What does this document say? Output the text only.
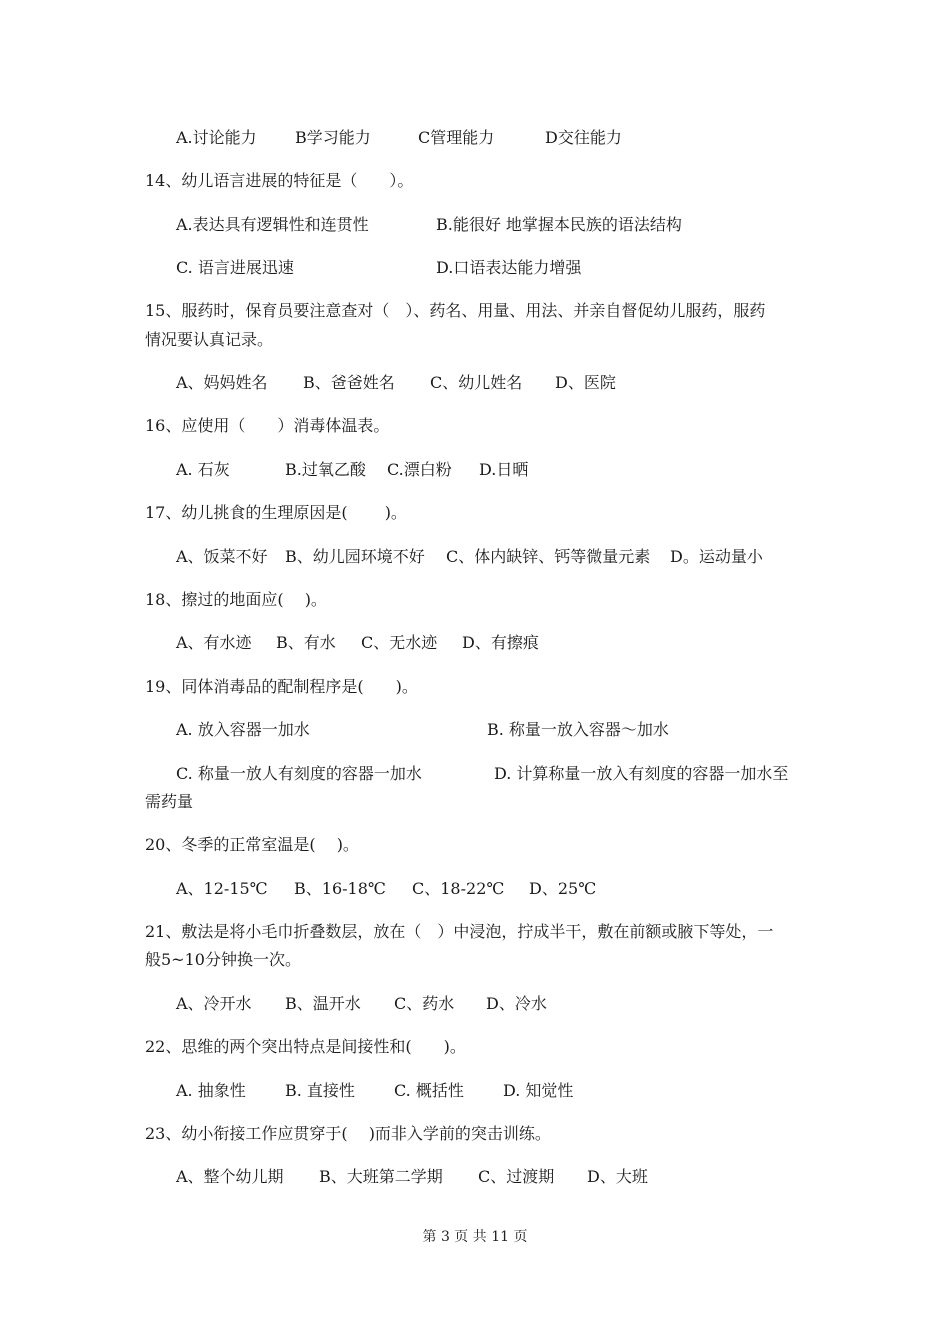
A.讨论能力 B学习能力	C管理能力	D交往能力
14、幼儿语言进展的特征是（　　）。
A.表达具有逻辑性和连贯性	B.能很好 地掌握本民族的语法结构
C. 语言进展迅速	D.口语表达能力增强
15、服药时，保育员要注意查对（　）、药名、用量、用法、并亲自督促幼儿服药，服药
情况要认真记录。
A、妈妈姓名 B、爸爸姓名 C、幼儿姓名 D、医院
16、应使用（　　）消毒体温表。
A. 石灰	B.过氧乙酸 C.漂白粉 D.日晒
17、幼儿挑食的生理原因是(　　 )。
A、饭菜不好 B、幼儿园环境不好 C、体内缺锌、钙等微量元素 D。运动量小
18、擦过的地面应(　 )。
A、有水迹 B、有水 C、无水迹 D、有擦痕
19、同体消毒品的配制程序是(　　)。
A. 放入容器一加水	B. 称量一放入容器～加水
C. 称量一放人有刻度的容器一加水	D. 计算称量一放入有刻度的容器一加水至
需药量
20、冬季的正常室温是(　 )。
A、12-15℃ B、16-18℃ C、18-22℃ D、25℃
21、敷法是将小毛巾折叠数层，放在（　）中浸泡，拧成半干，敷在前额或腋下等处，一
般5~10分钟换一次。
A、冷开水 B、温开水 C、药水 D、冷水
22、思维的两个突出特点是间接性和(　　)。
A. 抽象性 B. 直接性 C. 概括性 D. 知觉性
23、幼小衔接工作应贯穿于(　 )而非入学前的突击训练。
A、整个幼儿期 B、大班第二学期 C、过渡期 D、大班
第 3 页 共 11 页
